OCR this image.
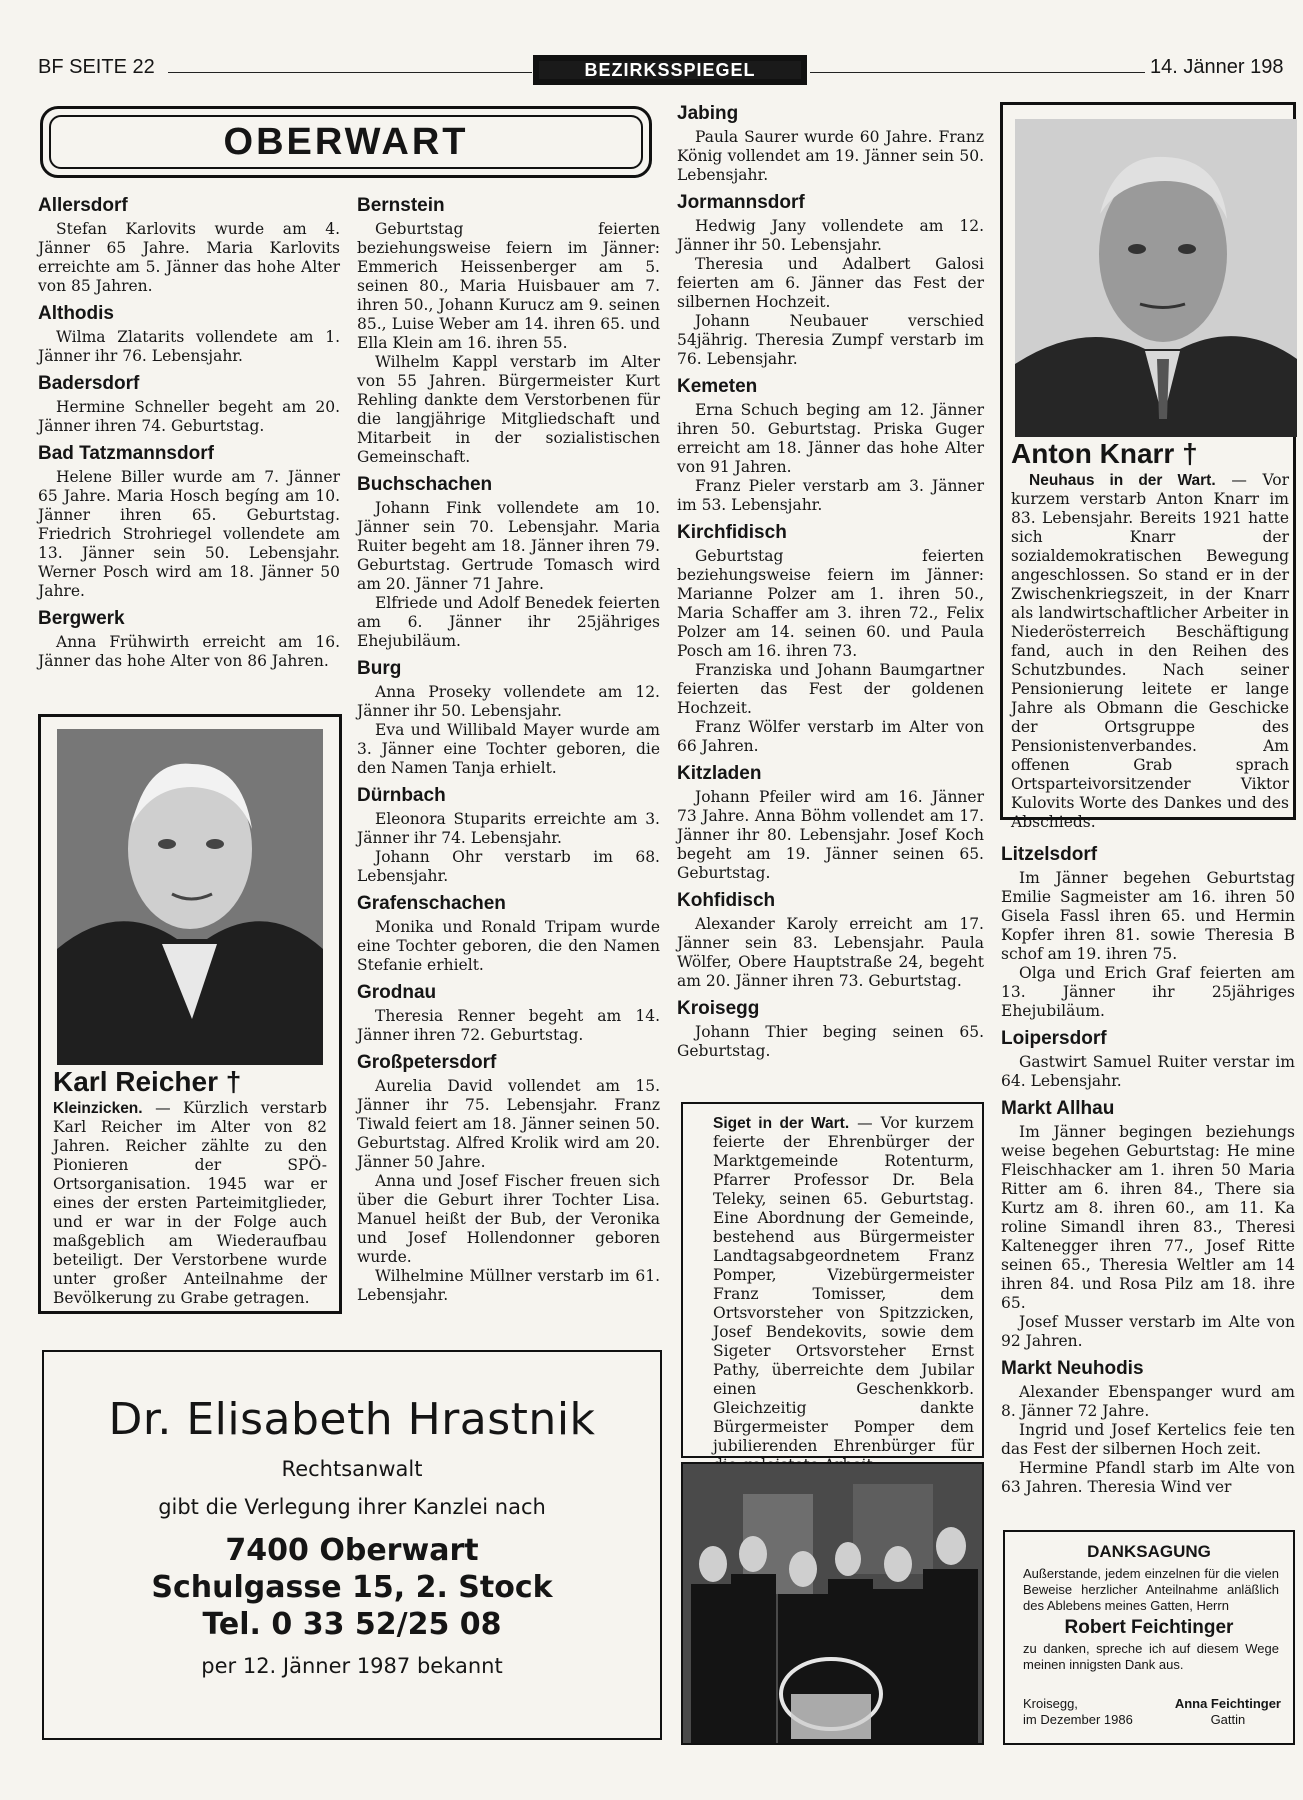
BF SEITE 22	BEZIRKSSPIEGEL	14. Jänner 198
OBERWART
Allersdorf

Stefan Karlovits wurde am 4. Jänner 65 Jahre. Maria Karlovits erreichte am 5. Jänner das hohe Alter von 85 Jahren.

Althodis

Wilma Zlatarits vollendete am 1. Jänner ihr 76. Lebensjahr.

Badersdorf

Hermine Schneller begeht am 20. Jänner ihren 74. Geburtstag.

Bad Tatzmannsdorf

Helene Biller wurde am 7. Jänner 65 Jahre. Maria Hosch begíng am 10. Jänner ihren 65. Geburtstag. Friedrich Strohriegel vollendete am 13. Jänner sein 50. Lebensjahr. Werner Posch wird am 18. Jänner 50 Jahre.

Bergwerk

Anna Frühwirth erreicht am 16. Jänner das hohe Alter von 86 Jahren.

Karl Reicher †
Kleinzicken. — Kürzlich verstarb Karl Reicher im Alter von 82 Jahren. Reicher zählte zu den Pionieren der SPÖ-Ortsorganisation. 1945 war er eines der ersten Parteimitglieder, und er war in der Folge auch maßgeblich am Wiederaufbau beteiligt. Der Verstorbene wurde unter großer Anteilnahme der Bevölkerung zu Grabe getragen.
Dr. Elisabeth Hrastnik
Rechtsanwalt
gibt die Verlegung ihrer Kanzlei nach
7400 Oberwart
Schulgasse 15, 2. Stock
Tel. 0 33 52/25 08
per 12. Jänner 1987 bekannt
Bernstein

Geburtstag feierten beziehungsweise feiern im Jänner: Emmerich Heissenberger am 5. seinen 80., Maria Huisbauer am 7. ihren 50., Johann Kurucz am 9. seinen 85., Luise Weber am 14. ihren 65. und Ella Klein am 16. ihren 55.

Wilhelm Kappl verstarb im Alter von 55 Jahren. Bürgermeister Kurt Rehling dankte dem Verstorbenen für die langjährige Mitgliedschaft und Mitarbeit in der sozialistischen Gemeinschaft.

Buchschachen

Johann Fink vollendete am 10. Jänner sein 70. Lebensjahr. Maria Ruiter begeht am 18. Jänner ihren 79. Geburtstag. Gertrude Tomasch wird am 20. Jänner 71 Jahre.

Elfriede und Adolf Benedek feierten am 6. Jänner ihr 25jähriges Ehejubiläum.

Burg

Anna Proseky vollendete am 12. Jänner ihr 50. Lebensjahr.

Eva und Willibald Mayer wurde am 3. Jänner eine Tochter geboren, die den Namen Tanja erhielt.

Dürnbach

Eleonora Stuparits erreichte am 3. Jänner ihr 74. Lebensjahr.

Johann Ohr verstarb im 68. Lebensjahr.

Grafenschachen

Monika und Ronald Tripam wurde eine Tochter geboren, die den Namen Stefanie erhielt.

Grodnau

Theresia Renner begeht am 14. Jänner ihren 72. Geburtstag.

Großpetersdorf

Aurelia David vollendet am 15. Jänner ihr 75. Lebensjahr. Franz Tiwald feiert am 18. Jänner seinen 50. Geburtstag. Alfred Krolik wird am 20. Jänner 50 Jahre.

Anna und Josef Fischer freuen sich über die Geburt ihrer Tochter Lisa. Manuel heißt der Bub, der Veronika und Josef Hollendonner geboren wurde.

Wilhelmine Müllner verstarb im 61. Lebensjahr.

Jabing

Paula Saurer wurde 60 Jahre. Franz König vollendet am 19. Jänner sein 50. Lebensjahr.

Jormannsdorf

Hedwig Jany vollendete am 12. Jänner ihr 50. Lebensjahr.

Theresia und Adalbert Galosi feierten am 6. Jänner das Fest der silbernen Hochzeit.

Johann Neubauer verschied 54jährig. Theresia Zumpf verstarb im 76. Lebensjahr.

Kemeten

Erna Schuch beging am 12. Jänner ihren 50. Geburtstag. Priska Guger erreicht am 18. Jänner das hohe Alter von 91 Jahren.

Franz Pieler verstarb am 3. Jänner im 53. Lebensjahr.

Kirchfidisch

Geburtstag feierten beziehungsweise feiern im Jänner: Marianne Polzer am 1. ihren 50., Maria Schaffer am 3. ihren 72., Felix Polzer am 14. seinen 60. und Paula Posch am 16. ihren 73.

Franziska und Johann Baumgartner feierten das Fest der goldenen Hochzeit.

Franz Wölfer verstarb im Alter von 66 Jahren.

Kitzladen

Johann Pfeiler wird am 16. Jänner 73 Jahre. Anna Böhm vollendet am 17. Jänner ihr 80. Lebensjahr. Josef Koch begeht am 19. Jänner seinen 65. Geburtstag.

Kohfidisch

Alexander Karoly erreicht am 17. Jänner sein 83. Lebensjahr. Paula Wölfer, Obere Hauptstraße 24, begeht am 20. Jänner ihren 73. Geburtstag.

Kroisegg

Johann Thier beging seinen 65. Geburtstag.

Siget in der Wart. — Vor kurzem feierte der Ehrenbürger der Marktgemeinde Rotenturm, Pfarrer Professor Dr. Bela Teleky, seinen 65. Geburtstag. Eine Abordnung der Gemeinde, bestehend aus Bürgermeister Landtagsabgeordnetem Franz Pomper, Vizebürgermeister Franz Tomisser, dem Ortsvorsteher von Spitzzicken, Josef Bendekovits, sowie dem Sigeter Ortsvorsteher Ernst Pathy, überreichte dem Jubilar einen Geschenkkorb. Gleichzeitig dankte Bürgermeister Pomper dem jubilierenden Ehrenbürger für
Anton Knarr †
Neuhaus in der Wart. — Vor kurzem verstarb Anton Knarr im 83. Lebensjahr. Bereits 1921 hatte sich Knarr der sozialdemokratischen Bewegung angeschlossen. So stand er in der Zwischenkriegszeit, in der Knarr als landwirtschaftlicher Arbeiter in Niederösterreich Beschäftigung fand, auch in den Reihen des Schutzbundes. Nach seiner Pensionierung leitete er lange Jahre als Obmann die Geschicke der Ortsgruppe des Pensionistenverbandes. Am offenen Grab sprach Ortsparteivorsitzender Viktor Kulovits Worte des Dankes und des Abschieds.
Litzelsdorf

Im Jänner begehen Geburtstag Emilie Sagmeister am 16. ihren 50 Gisela Fassl ihren 65. und Hermin Kopfer ihren 81. sowie Theresia B schof am 19. ihren 75.

Olga und Erich Graf feierten am 13. Jänner ihr 25jähriges Ehejubiläum.

Loipersdorf

Gastwirt Samuel Ruiter verstar im 64. Lebensjahr.

Markt Allhau

Im Jänner begingen beziehungs weise begehen Geburtstag: He mine Fleischhacker am 1. ihren 50 Maria Ritter am 6. ihren 84., There sia Kurtz am 8. ihren 60., am 11. Ka roline Simandl ihren 83., Theresi Kaltenegger ihren 77., Josef Ritte seinen 65., Theresia Weltler am 14 ihren 84. und Rosa Pilz am 18. ihre 65.

Josef Musser verstarb im Alte von 92 Jahren.

Markt Neuhodis

Alexander Ebenspanger wurd am 8. Jänner 72 Jahre.

Ingrid und Josef Kertelics feie ten das Fest der silbernen Hoch zeit.

Hermine Pfandl starb im Alte von 63 Jahren. Theresia Wind ver

DANKSAGUNG
Außerstande, jedem einzelnen für die vielen Beweise herzlicher Anteilnahme anläßlich des Ablebens meines Gatten, Herrn
Robert Feichtinger
zu danken, spreche ich auf diesem Wege meinen innigsten Dank aus.
Kroisegg,
im Dezember 1986
Anna Feichtinger
Gattin
